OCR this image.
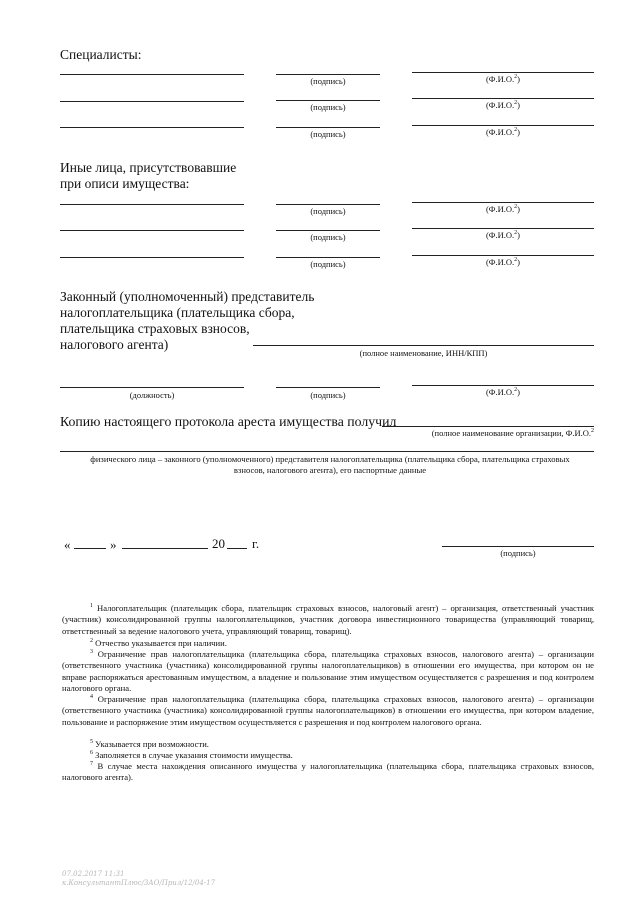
Специалисты:
(подпись)	(Ф.И.О.$^2$)
(подпись)	(Ф.И.О.$^2$)
(подпись)	(Ф.И.О.$^2$)
Иные лица, присутствовавшие
при описи имущества:
(подпись)	(Ф.И.О.$^2$)
(подпись)	(Ф.И.О.$^2$)
(подпись)	(Ф.И.О.$^2$)
Законный (уполномоченный) представитель
налогоплательщика (плательщика сбора,
плательщика страховых взносов,
налогового агента)
(полное наименование, ИНН/КПП)
(должность)	(подпись)	(Ф.И.О.$^2$)
Копию настоящего протокола ареста имущества получил
(полное наименование организации, Ф.И.О.$^2$
физического лица – законного (уполномоченного) представителя налогоплательщика (плательщика сбора, плательщика страховых взносов, налогового агента), его паспортные данные
«	»	20 г.
(подпись)
$^1$ Налогоплательщик (плательщик сбора, плательщик страховых взносов, налоговый агент) – организация, ответственный участник (участник) консолидированной группы налогоплательщиков, участник договора инвестиционного товарищества (управляющий товарищ, ответственный за ведение налогового учета, управляющий товарищ, товарищ).
$^2$ Отчество указывается при наличии.
$^3$ Ограничение прав налогоплательщика (плательщика сбора, плательщика страховых взносов, налогового агента) – организации (ответственного участника (участника) консолидированной группы налогоплательщиков) в отношении его имущества, при котором он не вправе распоряжаться арестованным имуществом, а владение и пользование этим имуществом осуществляется с разрешения и под контролем налогового органа.
$^4$ Ограничение прав налогоплательщика (плательщика сбора, плательщика страховых взносов, налогового агента) – организации (ответственного участника (участника) консолидированной группы налогоплательщиков) в отношении его имущества, при котором владение, пользование и распоряжение этим имуществом осуществляется с разрешения и под контролем налогового органа.
$^5$ Указывается при возможности.
$^6$ Заполняется в случае указания стоимости имущества.
$^7$ В случае места нахождения описанного имущества у налогоплательщика (плательщика сбора, плательщика страховых взносов, налогового агента).
07.02.2017 11:31
к.КонсультантПлюс/ЗАО/Прил/12/04-17
